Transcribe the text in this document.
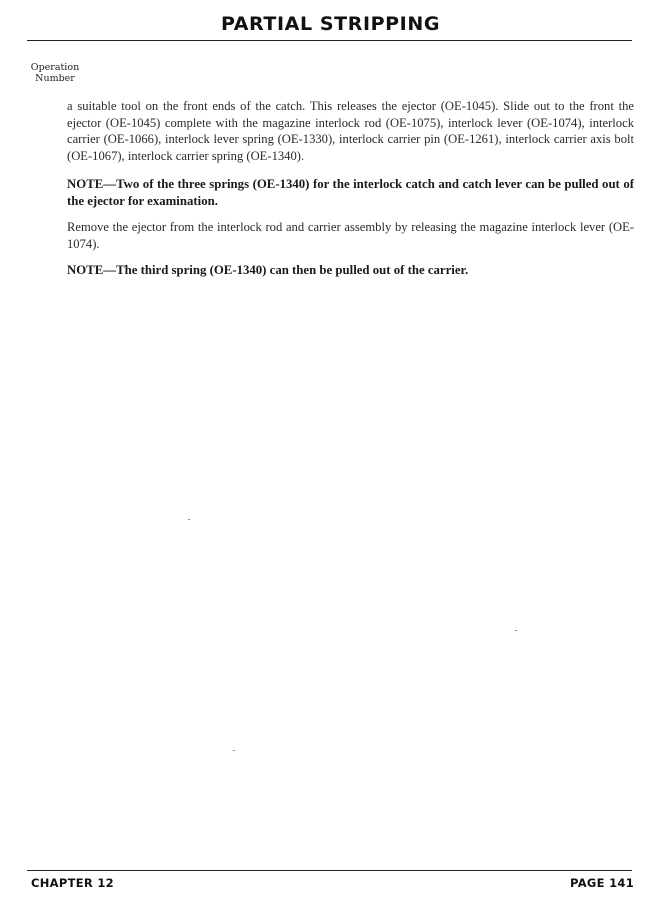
PARTIAL STRIPPING
Operation
Number

a suitable tool on the front ends of the catch. This releases the ejector (OE-1045). Slide out to the front the ejector (OE-1045) complete with the magazine interlock rod (OE-1075), interlock lever (OE-1074), interlock carrier (OE-1066), interlock lever spring (OE-1330), interlock carrier pin (OE-1261), interlock carrier axis bolt (OE-1067), interlock carrier spring (OE-1340).

NOTE—Two of the three springs (OE-1340) for the interlock catch and catch lever can be pulled out of the ejector for examination.

Remove the ejector from the interlock rod and carrier assembly by releasing the magazine interlock lever (OE-1074).

NOTE—The third spring (OE-1340) can then be pulled out of the carrier.

CHAPTER 12	PAGE 141
